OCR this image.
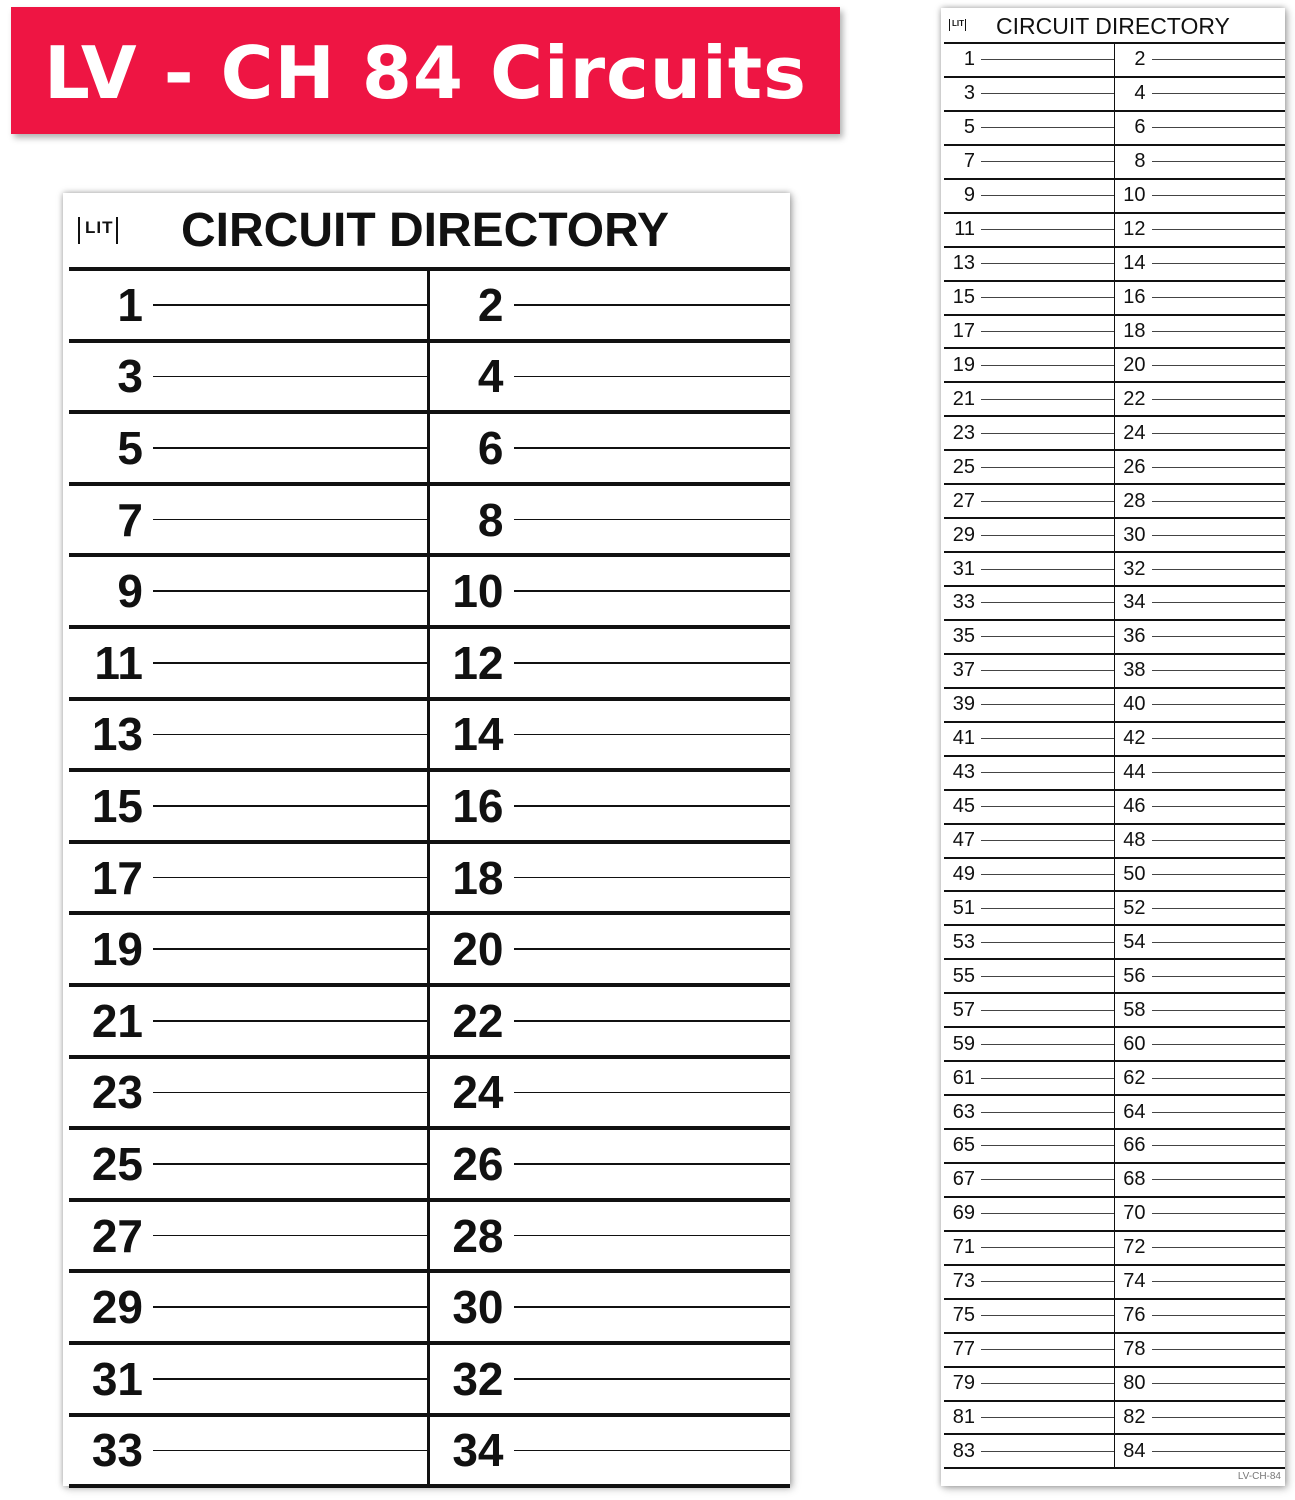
LV - CH 84 Circuits
LIT CIRCUIT DIRECTORY
1	2
3	4
5	6
7	8
9	10
11	12
13	14
15	16
17	18
19	20
21	22
23	24
25	26
27	28
29	30
31	32
33	34
LIT CIRCUIT DIRECTORY
1	2
3	4
5	6
7	8
9	10
11	12
13	14
15	16
17	18
19	20
21	22
23	24
25	26
27	28
29	30
31	32
33	34
35	36
37	38
39	40
41	42
43	44
45	46
47	48
49	50
51	52
53	54
55	56
57	58
59	60
61	62
63	64
65	66
67	68
69	70
71	72
73	74
75	76
77	78
79	80
81	82
83	84
LV-CH-84
